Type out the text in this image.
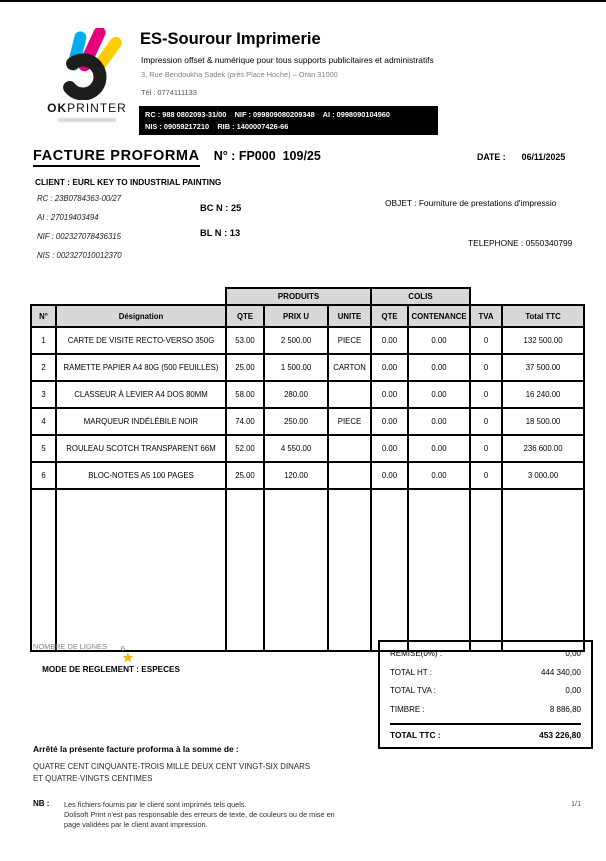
OKPRINTER
ES-Sourour Imprimerie
Impression offset & numérique pour tous supports publicitaires et administratifs
3, Rue Bendoukha Sadek (près Place Hoche) – Oran 31000
Tél : 0774111133
RC : 988 0802093-31/00    NIF : 099809080209348    AI : 0998090104960
NIS : 09059217210    RIB : 1400007426-66
FACTURE PROFORMA N° : FP000  109/25	DATE : 06/11/2025
CLIENT : EURL KEY TO INDUSTRIAL PAINTING
RC : 23B0784363-00/27
AI : 27019403494
NIF : 002327078436315
NIS : 002327010012370
BC N : 25
BL N : 13
OBJET : Fourniture de prestations d'impressio
TELEPHONE : 0550340799
		PRODUITS			COLIS			
N°	Désignation	QTE	PRIX U	UNITE	QTE	CONTENANCE	TVA	Total TTC
1	CARTE DE VISITE RECTO-VERSO 350G	53.00	2 500.00	PIECE	0.00	0.00	0	132 500.00
2	RAMETTE PAPIER A4 80G (500 FEUILLES)	25.00	1 500.00	CARTON	0.00	0.00	0	37 500.00
3	CLASSEUR À LEVIER A4 DOS 80MM	58.00	280.00		0.00	0.00	0	16 240.00
4	MARQUEUR INDÉLÉBILE NOIR	74.00	250.00	PIECE	0.00	0.00	0	18 500.00
5	ROULEAU SCOTCH TRANSPARENT 66M	52.00	4 550.00		0.00	0.00	0	236 600.00
6	BLOC-NOTES A5 100 PAGES	25.00	120.00		0.00	0.00	0	3 000.00

NOMBRE DE LIGNES 6

MODE DE REGLEMENT :
★
ESPECES

REMISE(0%) :	0,00
TOTAL HT :	444 340,00
TOTAL TVA :	0,00
TIMBRE :	8 886,80
TOTAL TTC :	453 226,80
Arrêté la présente facture proforma à la somme de :
QUATRE CENT CINQUANTE-TROIS MILLE DEUX CENT VINGT-SIX DINARS
ET QUATRE-VINGTS CENTIMES
NB : Les fichiers fournis par le client sont imprimés tels quels.
Dolisoft Print n'est pas responsable des erreurs de texte, de couleurs ou de mise en
page validées par le client avant impression.
1/1
